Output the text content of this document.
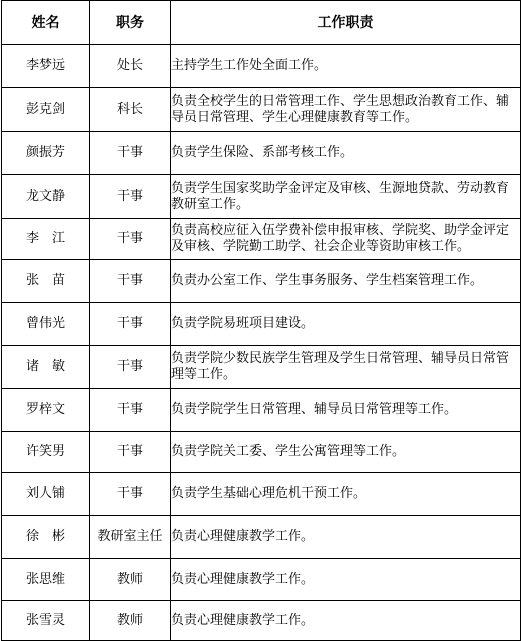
姓名	职务	工作职责
李梦远	处长	主持学生工作处全面工作。
彭克剑	科长	负责全校学生的日常管理工作、学生思想政治教育工作、辅导员日常管理、学生心理健康教育等工作。
颜振芳	干事	负责学生保险、系部考核工作。
龙文静	干事	负责学生国家奖助学金评定及审核、生源地贷款、劳动教育教研室工作。
李　江	干事	负责高校应征入伍学费补偿申报审核、学院奖、助学金评定及审核、学院勤工助学、社会企业等资助审核工作。
张　苗	干事	负责办公室工作、学生事务服务、学生档案管理工作。
曾伟光	干事	负责学院易班项目建设。
诸　敏	干事	负责学院少数民族学生管理及学生日常管理、辅导员日常管理等工作。
罗梓文	干事	负责学院学生日常管理、辅导员日常管理等工作。
许笑男	干事	负责学院关工委、学生公寓管理等工作。
刘人铺	干事	负责学生基础心理危机干预工作。
徐　彬	教研室主任	负责心理健康教学工作。
张思维	教师	负责心理健康教学工作。
张雪灵	教师	负责心理健康教学工作。
